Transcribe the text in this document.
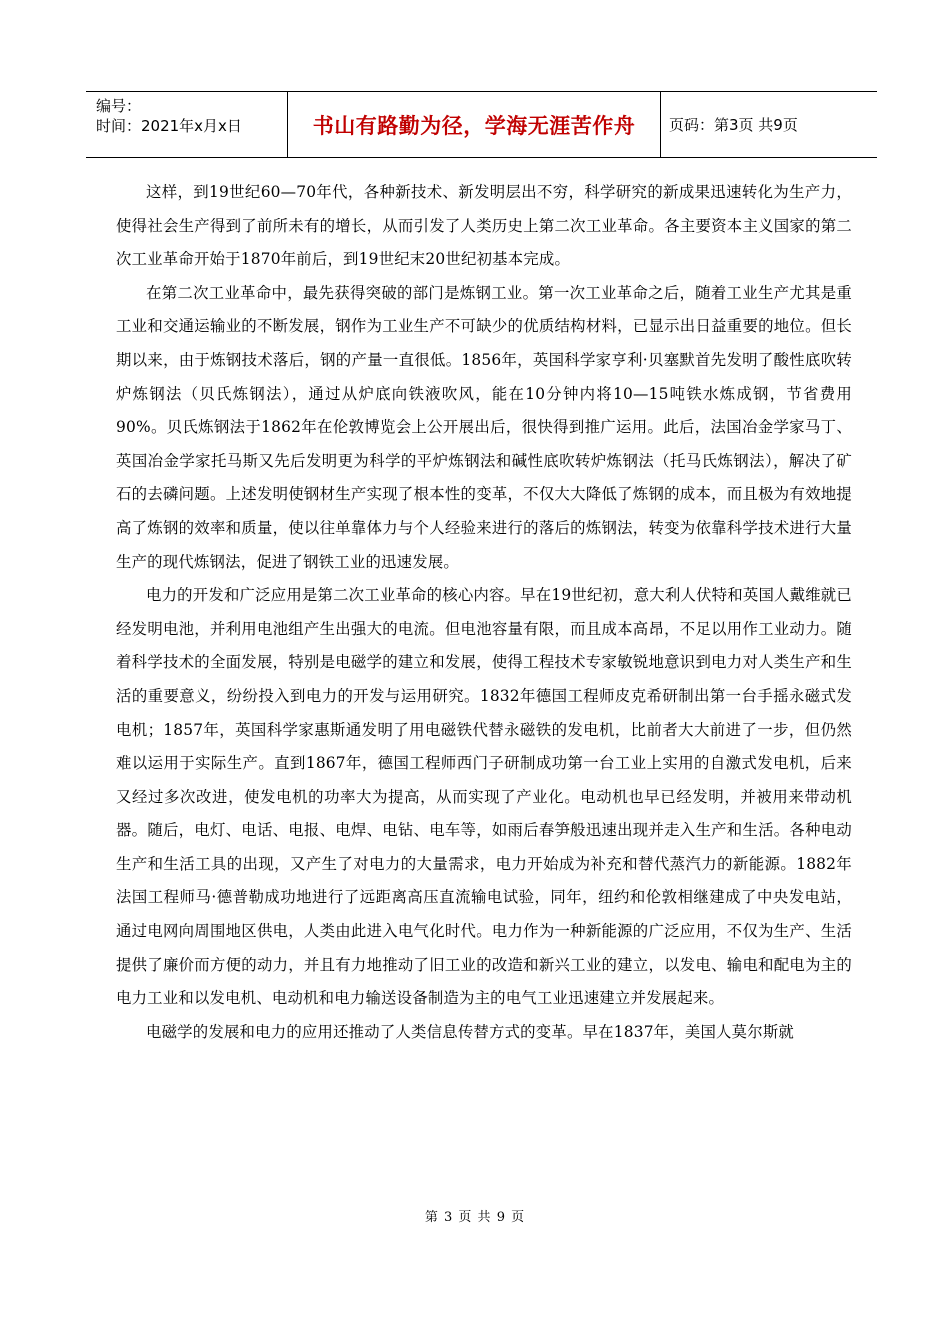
编号：
时间：2021年x月x日	书山有路勤为径，学海无涯苦作舟	页码：第3页 共9页

这样，到19世纪60—70年代，各种新技术、新发明层出不穷，科学研究的新成果迅速转化为生产力，使得社会生产得到了前所未有的增长，从而引发了人类历史上第二次工业革命。各主要资本主义国家的第二次工业革命开始于1870年前后，到19世纪末20世纪初基本完成。

在第二次工业革命中，最先获得突破的部门是炼钢工业。第一次工业革命之后，随着工业生产尤其是重工业和交通运输业的不断发展，钢作为工业生产不可缺少的优质结构材料，已显示出日益重要的地位。但长期以来，由于炼钢技术落后，钢的产量一直很低。1856年，英国科学家亨利·贝塞默首先发明了酸性底吹转炉炼钢法（贝氏炼钢法），通过从炉底向铁液吹风，能在10分钟内将10—15吨铁水炼成钢，节省费用90%。贝氏炼钢法于1862年在伦敦博览会上公开展出后，很快得到推广运用。此后，法国冶金学家马丁、英国冶金学家托马斯又先后发明更为科学的平炉炼钢法和碱性底吹转炉炼钢法（托马氏炼钢法），解决了矿石的去磷问题。上述发明使钢材生产实现了根本性的变革，不仅大大降低了炼钢的成本，而且极为有效地提高了炼钢的效率和质量，使以往单靠体力与个人经验来进行的落后的炼钢法，转变为依靠科学技术进行大量生产的现代炼钢法，促进了钢铁工业的迅速发展。

电力的开发和广泛应用是第二次工业革命的核心内容。早在19世纪初，意大利人伏特和英国人戴维就已经发明电池，并利用电池组产生出强大的电流。但电池容量有限，而且成本高昂，不足以用作工业动力。随着科学技术的全面发展，特别是电磁学的建立和发展，使得工程技术专家敏锐地意识到电力对人类生产和生活的重要意义，纷纷投入到电力的开发与运用研究。1832年德国工程师皮克希研制出第一台手摇永磁式发电机；1857年，英国科学家惠斯通发明了用电磁铁代替永磁铁的发电机，比前者大大前进了一步，但仍然难以运用于实际生产。直到1867年，德国工程师西门子研制成功第一台工业上实用的自激式发电机，后来又经过多次改进，使发电机的功率大为提高，从而实现了产业化。电动机也早已经发明，并被用来带动机器。随后，电灯、电话、电报、电焊、电钻、电车等，如雨后春笋般迅速出现并走入生产和生活。各种电动生产和生活工具的出现，又产生了对电力的大量需求，电力开始成为补充和替代蒸汽力的新能源。1882年法国工程师马·德普勒成功地进行了远距离高压直流输电试验，同年，纽约和伦敦相继建成了中央发电站，通过电网向周围地区供电，人类由此进入电气化时代。电力作为一种新能源的广泛应用，不仅为生产、生活提供了廉价而方便的动力，并且有力地推动了旧工业的改造和新兴工业的建立，以发电、输电和配电为主的电力工业和以发电机、电动机和电力输送设备制造为主的电气工业迅速建立并发展起来。

电磁学的发展和电力的应用还推动了人类信息传替方式的变革。早在1837年，美国人莫尔斯就

第 3 页 共 9 页
